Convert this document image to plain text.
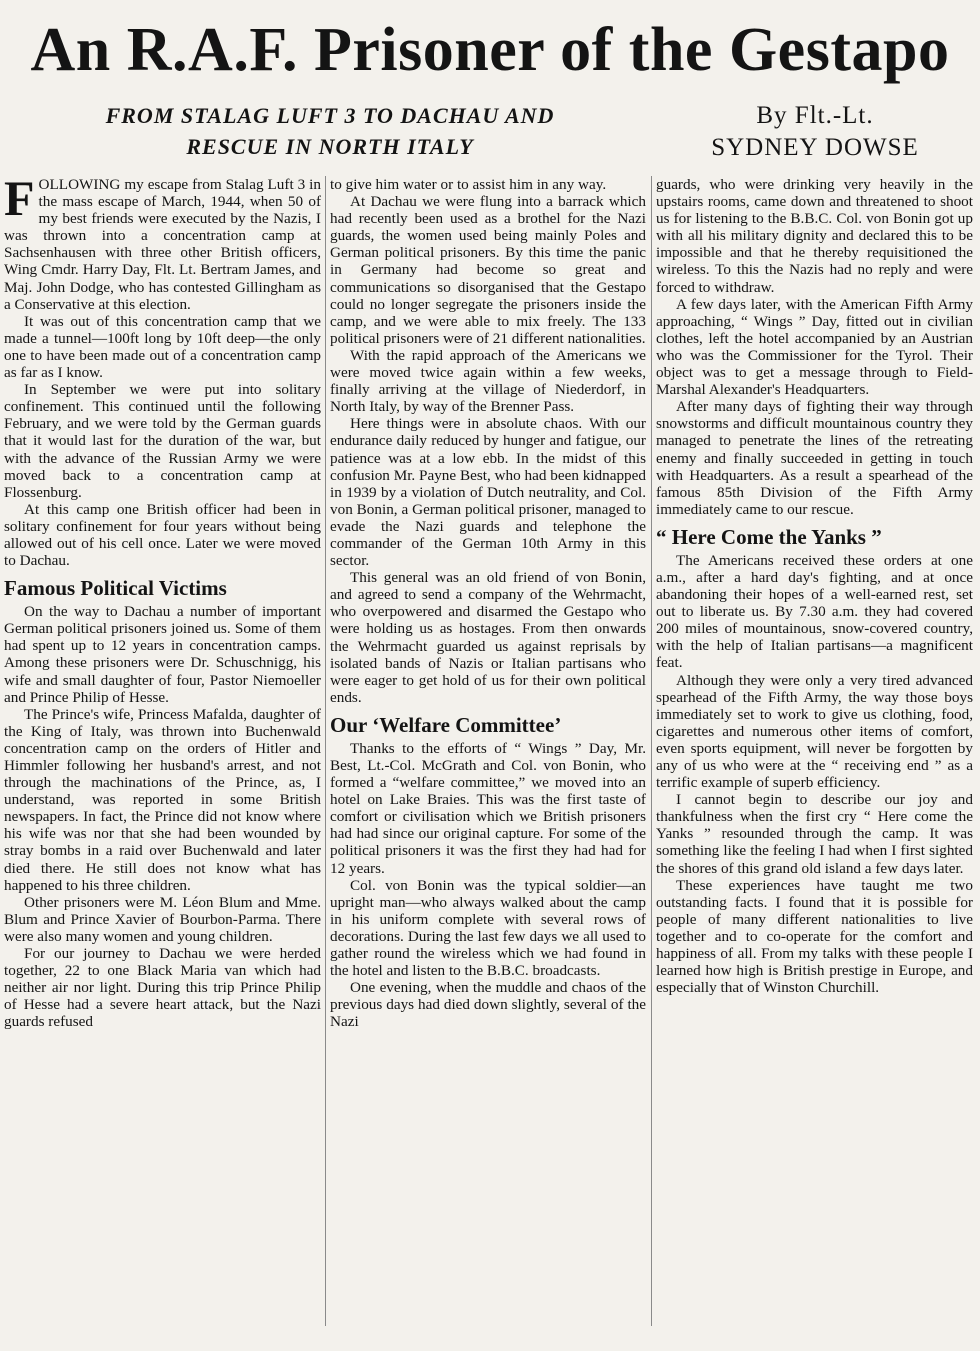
An R.A.F. Prisoner of the Gestapo
FROM STALAG LUFT 3 TO DACHAU AND
RESCUE IN NORTH ITALY
By Flt.-Lt.
SYDNEY DOWSE

FOLLOWING my escape from Stalag Luft 3 in the mass escape of March, 1944, when 50 of my best friends were executed by the Nazis, I was thrown into a concentration camp at Sachsenhausen with three other British officers, Wing Cmdr. Harry Day, Flt. Lt. Bertram James, and Maj. John Dodge, who has contested Gillingham as a Conservative at this election.

It was out of this concentration camp that we made a tunnel—100ft long by 10ft deep—the only one to have been made out of a concentration camp as far as I know.

In September we were put into solitary confinement. This continued until the following February, and we were told by the German guards that it would last for the duration of the war, but with the advance of the Russian Army we were moved back to a concentration camp at Flossenburg.

At this camp one British officer had been in solitary confinement for four years without being allowed out of his cell once. Later we were moved to Dachau.

Famous Political Victims

On the way to Dachau a number of important German political prisoners joined us. Some of them had spent up to 12 years in concentration camps. Among these prisoners were Dr. Schuschnigg, his wife and small daughter of four, Pastor Niemoeller and Prince Philip of Hesse.

The Prince's wife, Princess Mafalda, daughter of the King of Italy, was thrown into Buchenwald concentration camp on the orders of Hitler and Himmler following her husband's arrest, and not through the machinations of the Prince, as, I understand, was reported in some British newspapers. In fact, the Prince did not know where his wife was nor that she had been wounded by stray bombs in a raid over Buchenwald and later died there. He still does not know what has happened to his three children.

Other prisoners were M. Léon Blum and Mme. Blum and Prince Xavier of Bourbon-Parma. There were also many women and young children.

For our journey to Dachau we were herded together, 22 to one Black Maria van which had neither air nor light. During this trip Prince Philip of Hesse had a severe heart attack, but the Nazi guards refused

to give him water or to assist him in any way.

At Dachau we were flung into a barrack which had recently been used as a brothel for the Nazi guards, the women used being mainly Poles and German political prisoners. By this time the panic in Germany had become so great and communications so disorganised that the Gestapo could no longer segregate the prisoners inside the camp, and we were able to mix freely. The 133 political prisoners were of 21 different nationalities.

With the rapid approach of the Americans we were moved twice again within a few weeks, finally arriving at the village of Niederdorf, in North Italy, by way of the Brenner Pass.

Here things were in absolute chaos. With our endurance daily reduced by hunger and fatigue, our patience was at a low ebb. In the midst of this confusion Mr. Payne Best, who had been kidnapped in 1939 by a violation of Dutch neutrality, and Col. von Bonin, a German political prisoner, managed to evade the Nazi guards and telephone the commander of the German 10th Army in this sector.

This general was an old friend of von Bonin, and agreed to send a company of the Wehrmacht, who overpowered and disarmed the Gestapo who were holding us as hostages. From then onwards the Wehrmacht guarded us against reprisals by isolated bands of Nazis or Italian partisans who were eager to get hold of us for their own political ends.

Our ‘Welfare Committee’

Thanks to the efforts of “ Wings ” Day, Mr. Best, Lt.-Col. McGrath and Col. von Bonin, who formed a “welfare committee,” we moved into an hotel on Lake Braies. This was the first taste of comfort or civilisation which we British prisoners had had since our original capture. For some of the political prisoners it was the first they had had for 12 years.

Col. von Bonin was the typical soldier—an upright man—who always walked about the camp in his uniform complete with several rows of decorations. During the last few days we all used to gather round the wireless which we had found in the hotel and listen to the B.B.C. broadcasts.

One evening, when the muddle and chaos of the previous days had died down slightly, several of the Nazi

guards, who were drinking very heavily in the upstairs rooms, came down and threatened to shoot us for listening to the B.B.C. Col. von Bonin got up with all his military dignity and declared this to be impossible and that he thereby requisitioned the wireless. To this the Nazis had no reply and were forced to withdraw.

A few days later, with the American Fifth Army approaching, “ Wings ” Day, fitted out in civilian clothes, left the hotel accompanied by an Austrian who was the Commissioner for the Tyrol. Their object was to get a message through to Field-Marshal Alexander's Headquarters.

After many days of fighting their way through snowstorms and difficult mountainous country they managed to penetrate the lines of the retreating enemy and finally succeeded in getting in touch with Headquarters. As a result a spearhead of the famous 85th Division of the Fifth Army immediately came to our rescue.

“ Here Come the Yanks ”

The Americans received these orders at one a.m., after a hard day's fighting, and at once abandoning their hopes of a well-earned rest, set out to liberate us. By 7.30 a.m. they had covered 200 miles of mountainous, snow-covered country, with the help of Italian partisans—a magnificent feat.

Although they were only a very tired advanced spearhead of the Fifth Army, the way those boys immediately set to work to give us clothing, food, cigarettes and numerous other items of comfort, even sports equipment, will never be forgotten by any of us who were at the “ receiving end ” as a terrific example of superb efficiency.

I cannot begin to describe our joy and thankfulness when the first cry “ Here come the Yanks ” resounded through the camp. It was something like the feeling I had when I first sighted the shores of this grand old island a few days later.

These experiences have taught me two outstanding facts. I found that it is possible for people of many different nationalities to live together and to co-operate for the comfort and happiness of all. From my talks with these people I learned how high is British prestige in Europe, and especially that of Winston Churchill.
